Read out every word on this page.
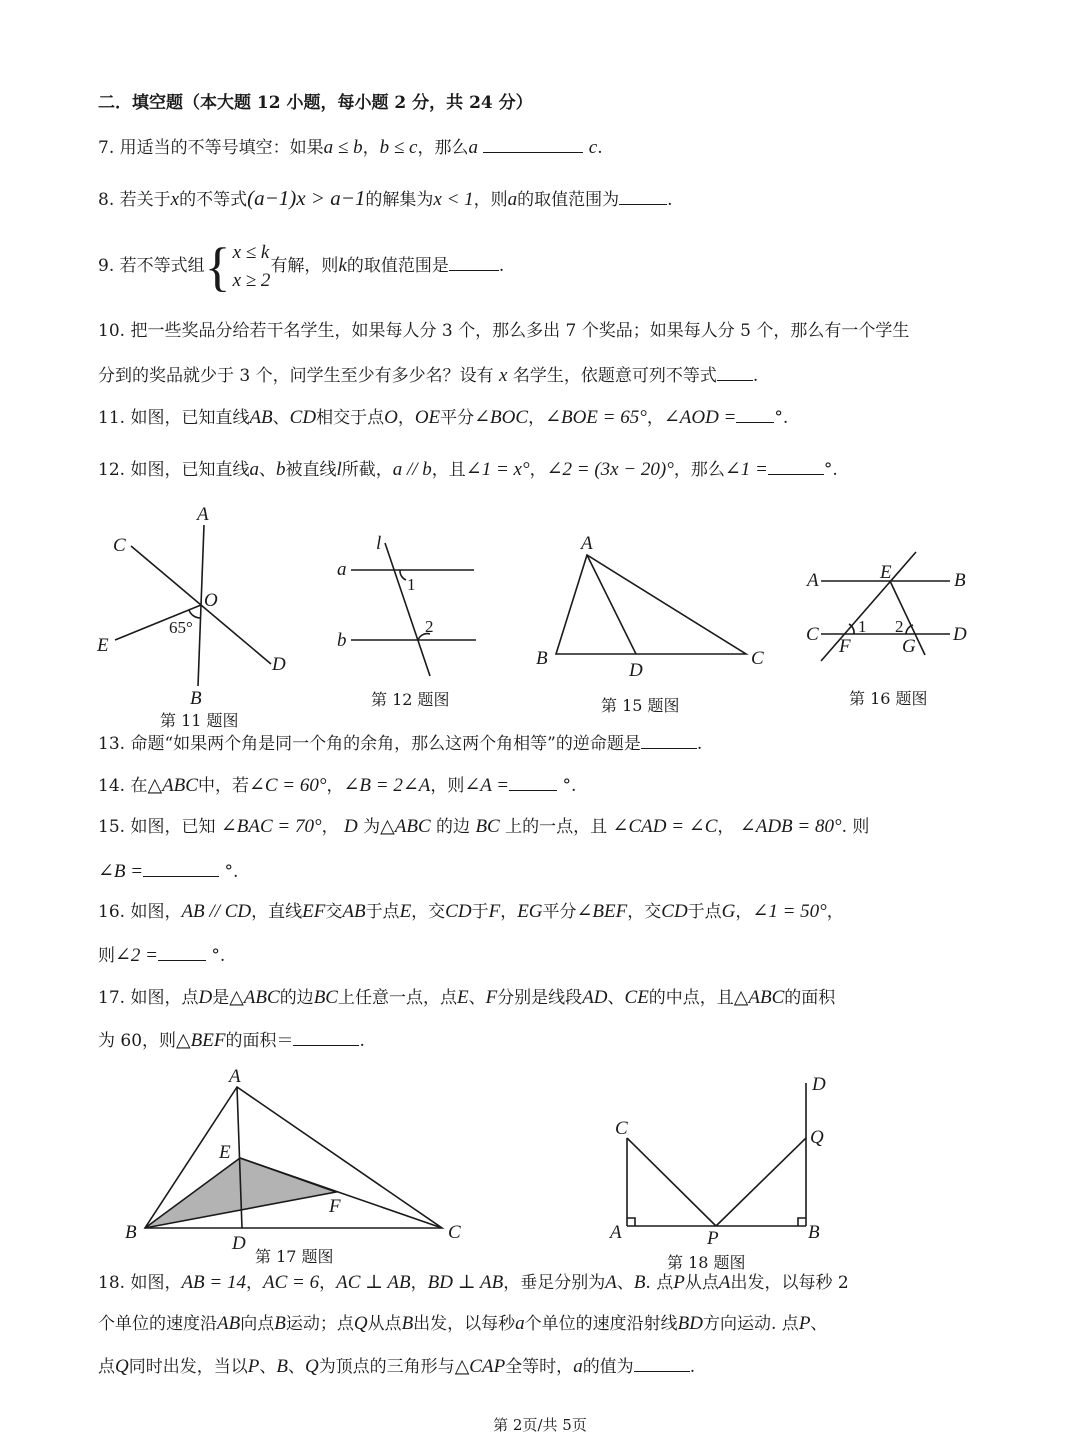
二．填空题（本大题 12 小题，每小题 2 分，共 24 分）
7. 用适当的不等号填空：如果a ≤ b，b ≤ c，那么a	c.
8. 若关于x的不等式(a−1)x > a−1的解集为x < 1，则a的取值范围为	.
9. 若不等式组 { x ≤ k
x ≥ 2
有解，则k的取值范围是	.
10. 把一些奖品分给若干名学生，如果每人分 3 个，那么多出 7 个奖品；如果每人分 5 个，那么有一个学生
分到的奖品就少于 3 个，问学生至少有多少名？设有 x 名学生，依题意可列不等式 .
11. 如图，已知直线AB、CD相交于点O，OE平分∠BOC，∠BOE = 65°，∠AOD = °.
12. 如图，已知直线a、b被直线l所截，a // b，且∠1 = x°，∠2 = (3x − 20)°，那么∠1 =	°.
A
C
O
E
65°
D
B
l
a
1
2
b
A
B
D
C
A	E	B
C 1 2	D
F	G
A
E
F
B	C
D
D
C	Q
A	P	B
第 11 题图
第 12 题图	第 15 题图	第 16 题图
第 17 题图	第 18 题图
13. 命题“如果两个角是同一个角的余角，那么这两个角相等”的逆命题是	.
14. 在△ABC中，若∠C = 60°，∠B = 2∠A，则∠A =	°.
15. 如图，已知 ∠BAC = 70°， D 为△ABC 的边 BC 上的一点，且 ∠CAD = ∠C， ∠ADB = 80°. 则
∠B =	°.
16. 如图，AB // CD，直线EF交AB于点E，交CD于F，EG平分∠BEF，交CD于点G，∠1 = 50°，
则∠2 =	°.
17. 如图，点D是△ABC的边BC上任意一点，点E、F分别是线段AD、CE的中点，且△ABC的面积
为 60，则△BEF的面积＝	.
18. 如图，AB = 14，AC = 6，AC ⊥ AB，BD ⊥ AB，垂足分别为A、B. 点P从点A出发，以每秒 2
个单位的速度沿AB向点B运动；点Q从点B出发，以每秒a个单位的速度沿射线BD方向运动. 点P、
点Q同时出发，当以P、B、Q为顶点的三角形与△CAP全等时，a的值为	.
第 2页/共 5页
